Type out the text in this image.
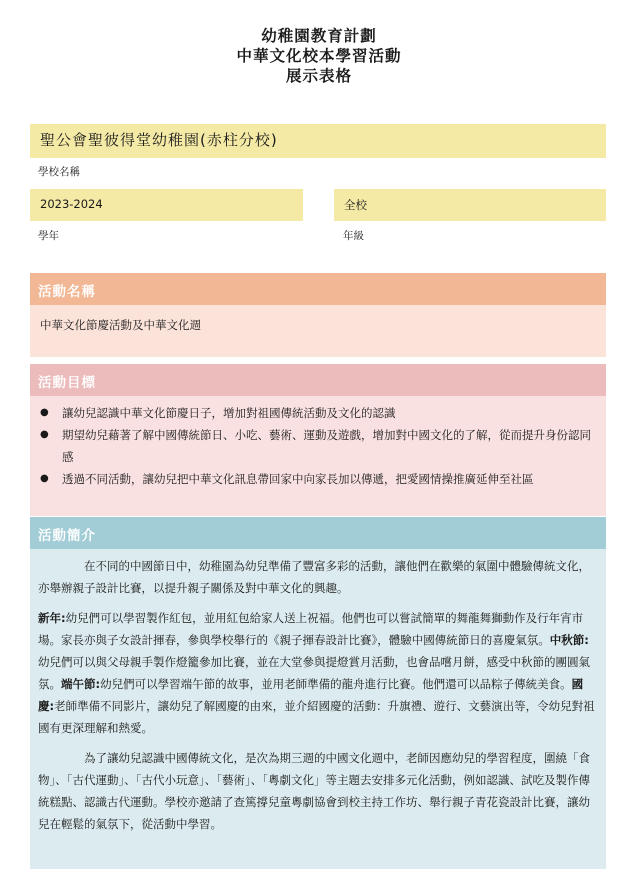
幼稚園教育計劃
中華文化校本學習活動
展示表格
聖公會聖彼得堂幼稚園(赤柱分校)
學校名稱
2023-2024
學年
全校
年級
活動名稱
中華文化節慶活動及中華文化週
活動目標
●	讓幼兒認識中華文化節慶日子，增加對祖國傳統活動及文化的認識
●	期望幼兒藉著了解中國傳統節日、小吃、藝術、運動及遊戲，增加對中國文化的了解，從而提升身份認同感
●	透過不同活動，讓幼兒把中華文化訊息帶回家中向家長加以傳遞，把愛國情操推廣延伸至社區
活動簡介

在不同的中國節日中，幼稚園為幼兒準備了豐富多彩的活動，讓他們在歡樂的氣圍中體驗傳統文化，亦舉辦親子設計比賽，以提升親子關係及對中華文化的興趣。

新年:幼兒們可以學習製作紅包，並用紅包給家人送上祝福。他們也可以嘗試簡單的舞龍舞獅動作及行年宵市場。家長亦與子女設計揮春，參與學校舉行的《親子揮春設計比賽》，體驗中國傳統節日的喜慶氣氛。中秋節:幼兒們可以與父母親手製作燈籠參加比賽，並在大堂參與提燈賞月活動，也會品嚐月餅，感受中秋節的團圓氣氛。端午節:幼兒們可以學習端午節的故事，並用老師準備的龍舟進行比賽。他們還可以品粽子傳統美食。國慶:老師準備不同影片，讓幼兒了解國慶的由來，並介紹國慶的活動：升旗禮、遊行、文藝演出等，令幼兒對祖國有更深理解和熱愛。

為了讓幼兒認識中國傳統文化，是次為期三週的中國文化週中，老師因應幼兒的學習程度，圍繞「食物」、「古代運動」、「古代小玩意」、「藝術」、「粵劇文化」等主題去安排多元化活動，例如認識、試吃及製作傳統糕點、認識古代運動。學校亦邀請了查篤撐兒童粵劇協會到校主持工作坊、舉行親子青花瓷設計比賽，讓幼兒在輕鬆的氣氛下，從活動中學習。
